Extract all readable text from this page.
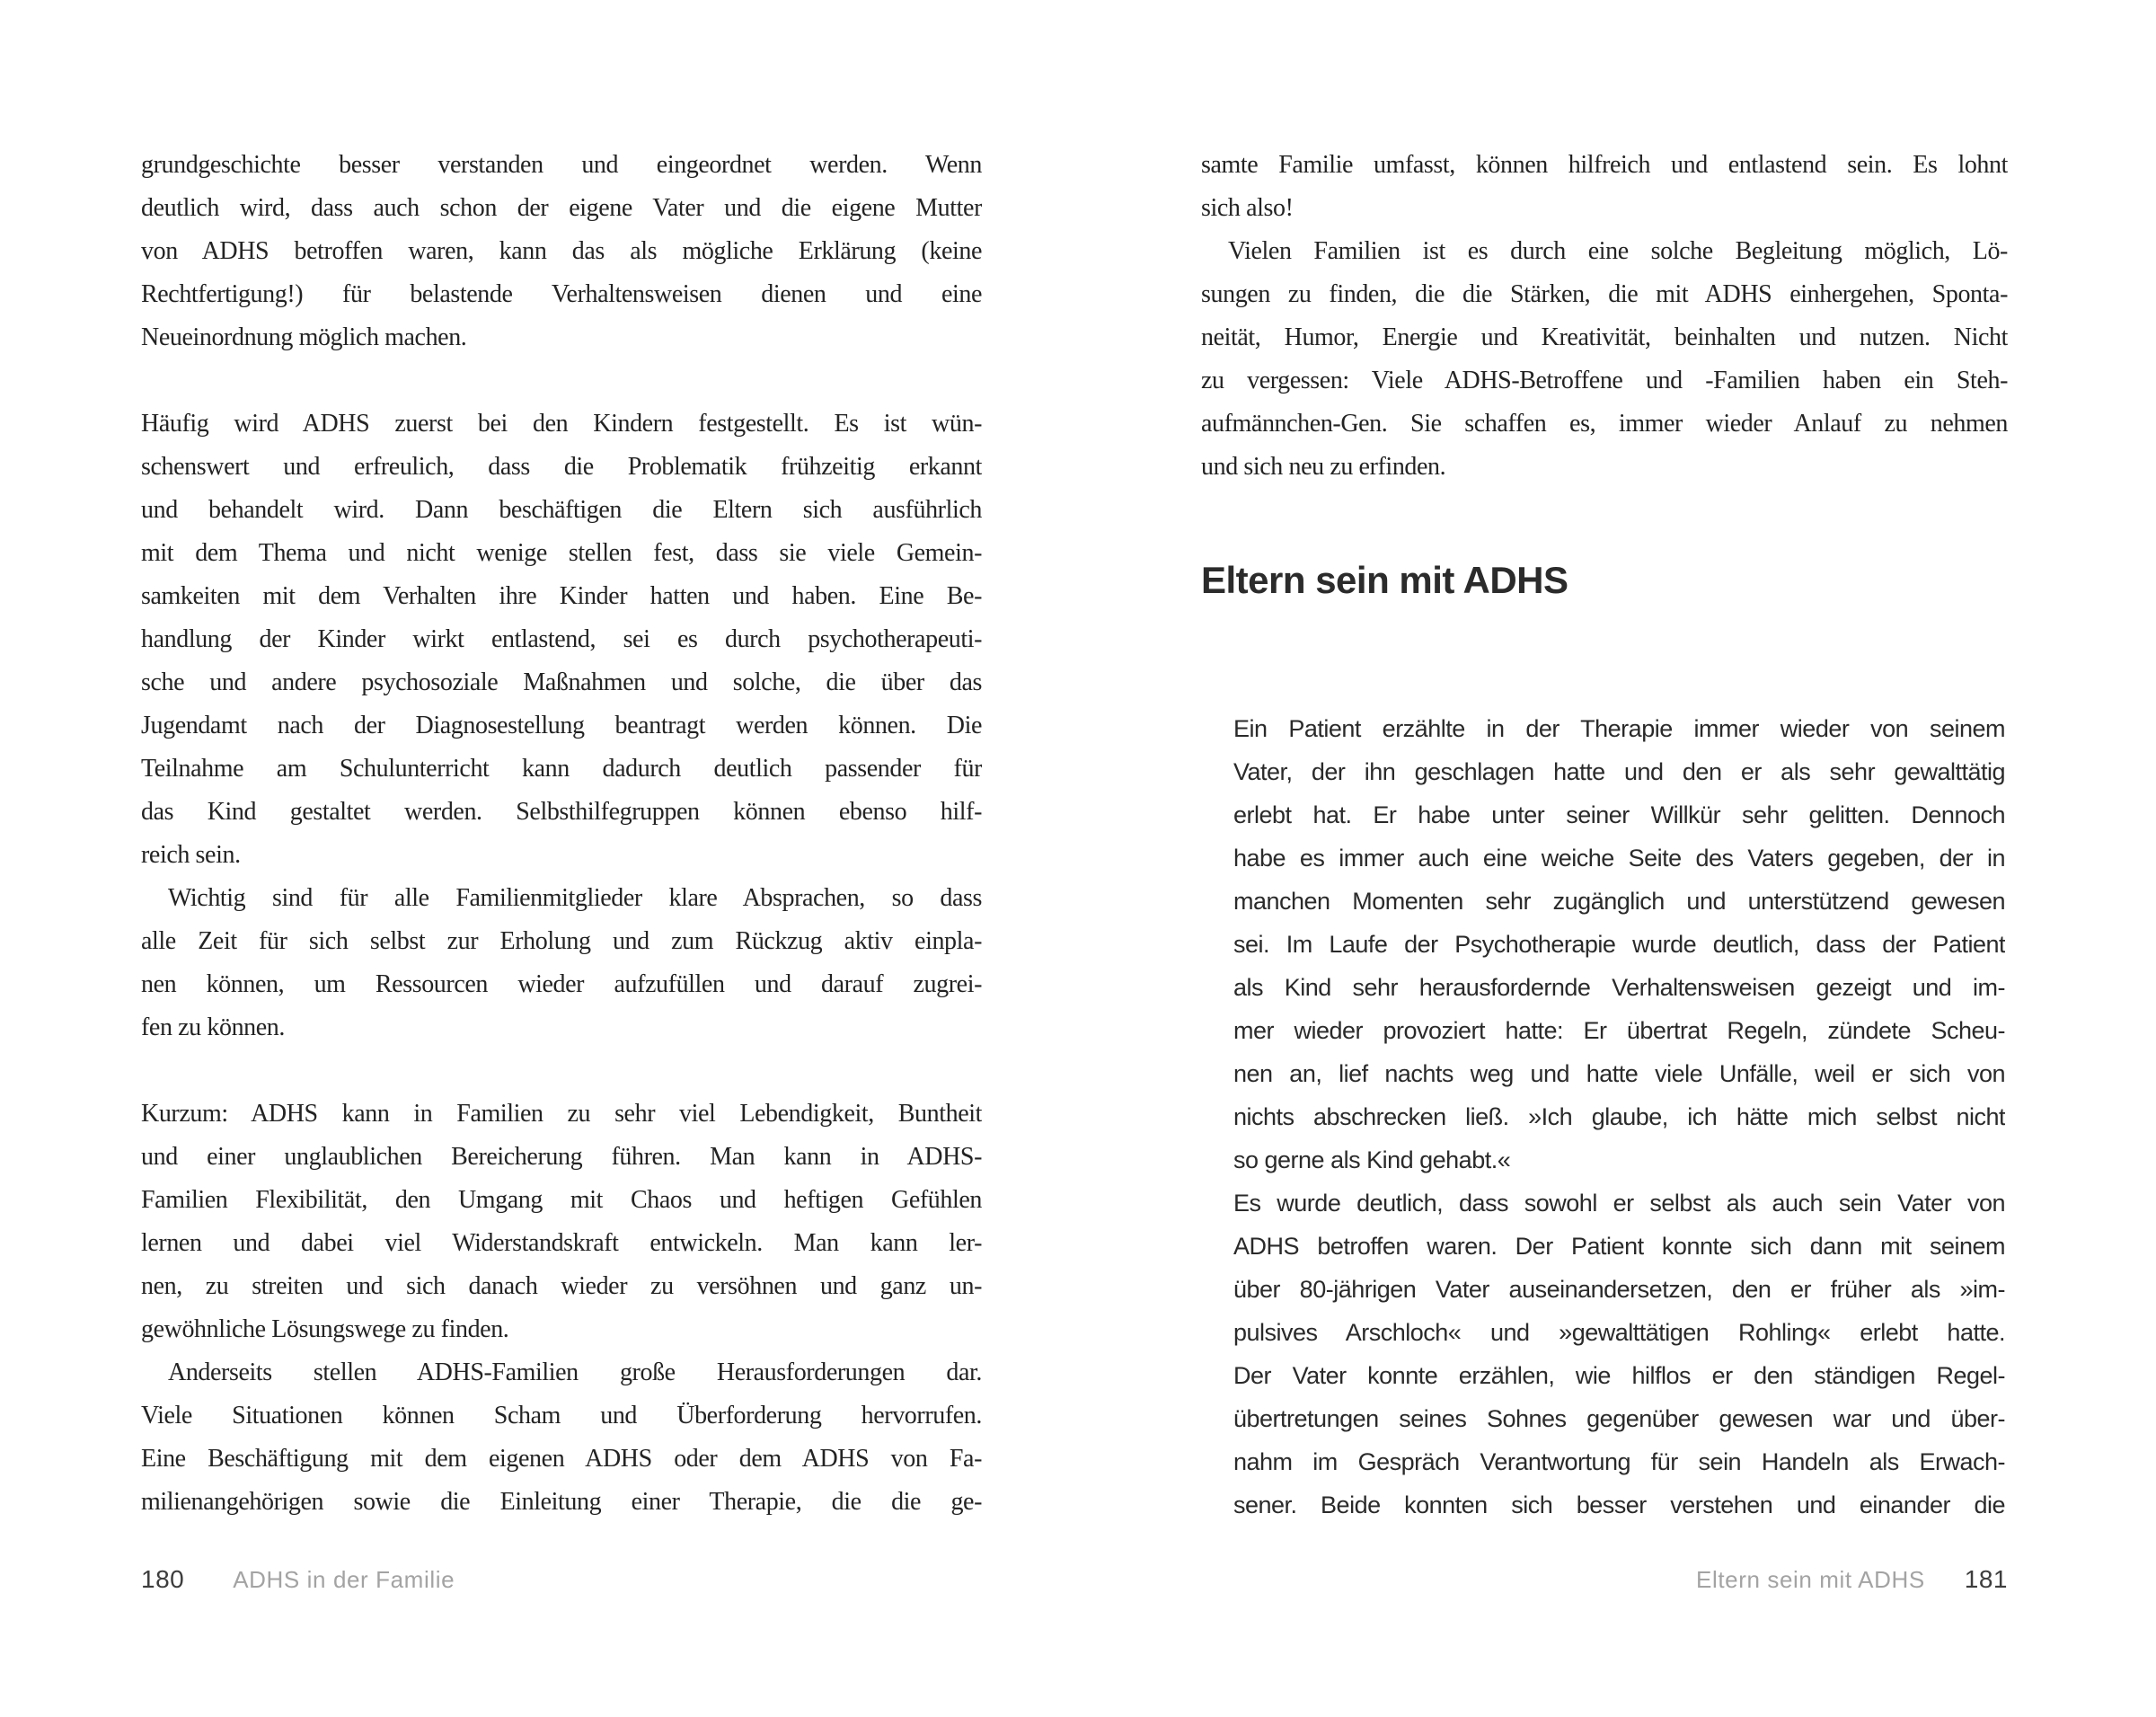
grundgeschichte besser verstanden und eingeordnet werden. Wenn
deutlich wird, dass auch schon der eigene Vater und die eigene Mutter
von ADHS betroffen waren, kann das als mögliche Erklärung (keine
Rechtfertigung!) für belastende Verhaltensweisen dienen und eine
Neueinordnung möglich machen.
Häufig wird ADHS zuerst bei den Kindern festgestellt. Es ist wün-
schenswert und erfreulich, dass die Problematik frühzeitig erkannt
und behandelt wird. Dann beschäftigen die Eltern sich ausführlich
mit dem Thema und nicht wenige stellen fest, dass sie viele Gemein-
samkeiten mit dem Verhalten ihre Kinder hatten und haben. Eine Be-
handlung der Kinder wirkt entlastend, sei es durch psychotherapeuti-
sche und andere psychosoziale Maßnahmen und solche, die über das
Jugendamt nach der Diagnosestellung beantragt werden können. Die
Teilnahme am Schulunterricht kann dadurch deutlich passender für
das Kind gestaltet werden. Selbsthilfegruppen können ebenso hilf-
reich sein.
Wichtig sind für alle Familienmitglieder klare Absprachen, so dass
alle Zeit für sich selbst zur Erholung und zum Rückzug aktiv einpla-
nen können, um Ressourcen wieder aufzufüllen und darauf zugrei-
fen zu können.
Kurzum: ADHS kann in Familien zu sehr viel Lebendigkeit, Buntheit
und einer unglaublichen Bereicherung führen. Man kann in ADHS-
Familien Flexibilität, den Umgang mit Chaos und heftigen Gefühlen
lernen und dabei viel Widerstandskraft entwickeln. Man kann ler-
nen, zu streiten und sich danach wieder zu versöhnen und ganz un-
gewöhnliche Lösungswege zu finden.
Anderseits stellen ADHS-Familien große Herausforderungen dar.
Viele Situationen können Scham und Überforderung hervorrufen.
Eine Beschäftigung mit dem eigenen ADHS oder dem ADHS von Fa-
milienangehörigen sowie die Einleitung einer Therapie, die die ge-
180 ADHS in der Familie
samte Familie umfasst, können hilfreich und entlastend sein. Es lohnt
sich also!
Vielen Familien ist es durch eine solche Begleitung möglich, Lö-
sungen zu finden, die die Stärken, die mit ADHS einhergehen, Sponta-
neität, Humor, Energie und Kreativität, beinhalten und nutzen. Nicht
zu vergessen: Viele ADHS-Betroffene und -Familien haben ein Steh-
aufmännchen-Gen. Sie schaffen es, immer wieder Anlauf zu nehmen
und sich neu zu erfinden.
Eltern sein mit ADHS
Ein Patient erzählte in der Therapie immer wieder von seinem
Vater, der ihn geschlagen hatte und den er als sehr gewalttätig
erlebt hat. Er habe unter seiner Willkür sehr gelitten. Dennoch
habe es immer auch eine weiche Seite des Vaters gegeben, der in
manchen Momenten sehr zugänglich und unterstützend gewesen
sei. Im Laufe der Psychotherapie wurde deutlich, dass der Patient
als Kind sehr herausfordernde Verhaltensweisen gezeigt und im-
mer wieder provoziert hatte: Er übertrat Regeln, zündete Scheu-
nen an, lief nachts weg und hatte viele Unfälle, weil er sich von
nichts abschrecken ließ. »Ich glaube, ich hätte mich selbst nicht
so gerne als Kind gehabt.«
Es wurde deutlich, dass sowohl er selbst als auch sein Vater von
ADHS betroffen waren. Der Patient konnte sich dann mit seinem
über 80-jährigen Vater auseinandersetzen, den er früher als »im-
pulsives Arschloch« und »gewalttätigen Rohling« erlebt hatte.
Der Vater konnte erzählen, wie hilflos er den ständigen Regel-
übertretungen seines Sohnes gegenüber gewesen war und über-
nahm im Gespräch Verantwortung für sein Handeln als Erwach-
sener. Beide konnten sich besser verstehen und einander die
Eltern sein mit ADHS 181
